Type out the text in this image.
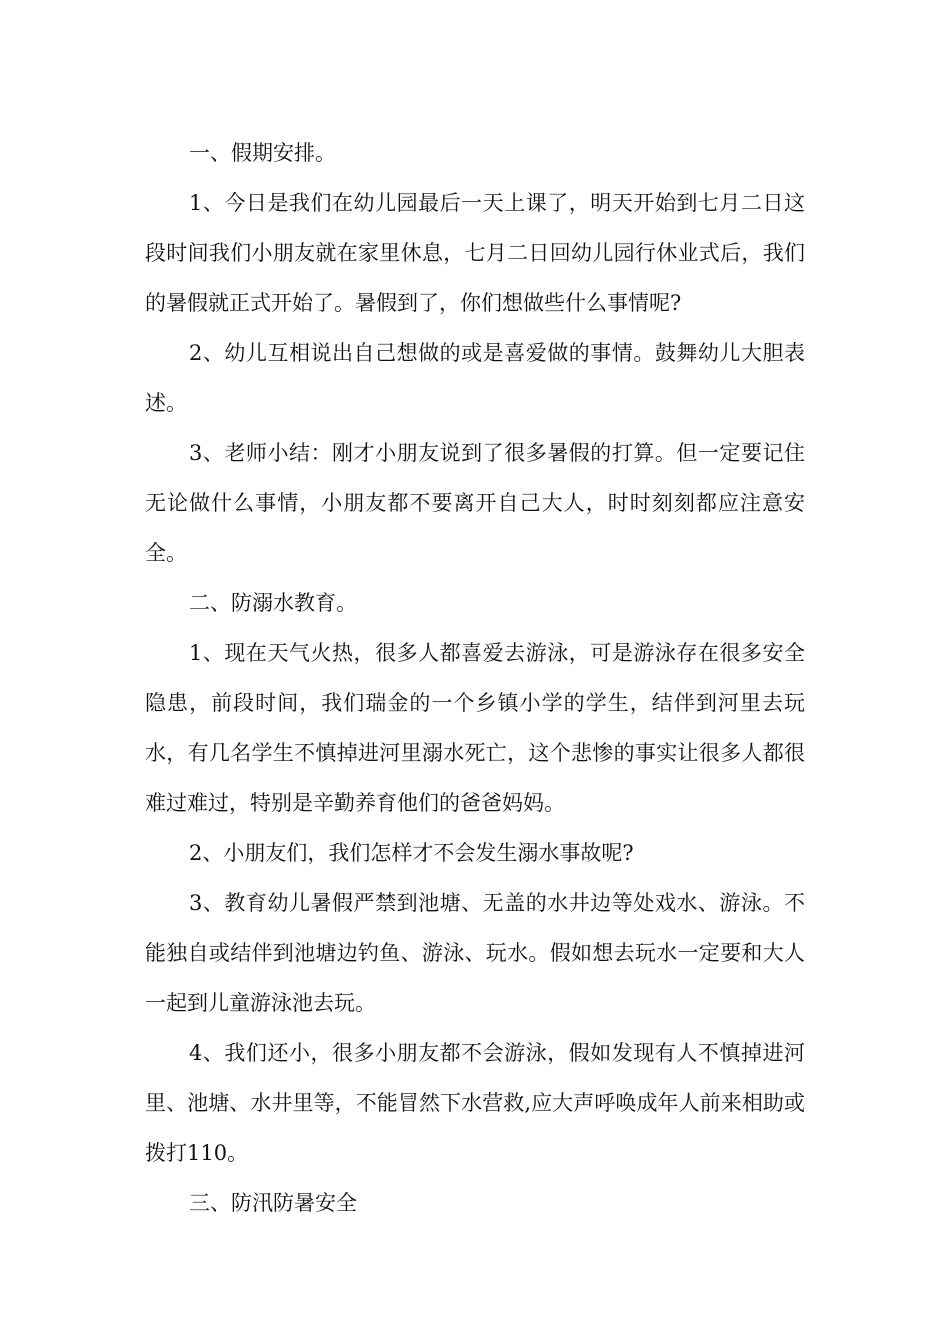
一、假期安排。

1、今日是我们在幼儿园最后一天上课了，明天开始到七月二日这段时间我们小朋友就在家里休息，七月二日回幼儿园行休业式后，我们的暑假就正式开始了。暑假到了，你们想做些什么事情呢?

2、幼儿互相说出自己想做的或是喜爱做的事情。鼓舞幼儿大胆表述。

3、老师小结：刚才小朋友说到了很多暑假的打算。但一定要记住无论做什么事情，小朋友都不要离开自己大人，时时刻刻都应注意安全。

二、防溺水教育。

1、现在天气火热，很多人都喜爱去游泳，可是游泳存在很多安全隐患，前段时间，我们瑞金的一个乡镇小学的学生，结伴到河里去玩水，有几名学生不慎掉进河里溺水死亡，这个悲惨的事实让很多人都很难过难过，特别是辛勤养育他们的爸爸妈妈。

2、小朋友们，我们怎样才不会发生溺水事故呢?

3、教育幼儿暑假严禁到池塘、无盖的水井边等处戏水、游泳。不能独自或结伴到池塘边钓鱼、游泳、玩水。假如想去玩水一定要和大人一起到儿童游泳池去玩。

4、我们还小，很多小朋友都不会游泳，假如发现有人不慎掉进河里、池塘、水井里等，不能冒然下水营救,应大声呼唤成年人前来相助或拨打110。

三、防汛防暑安全
